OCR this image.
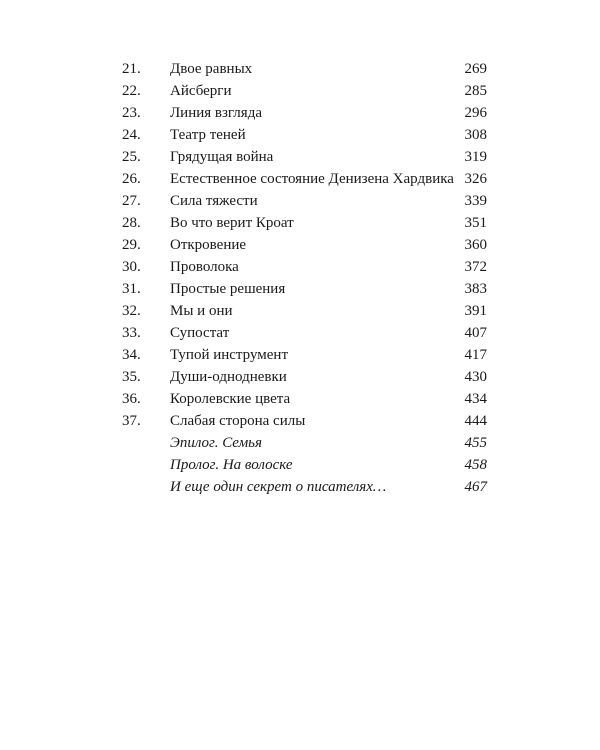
21. Двое равных	269
22. Айсберги	285
23. Линия взгляда	296
24. Театр теней	308
25. Грядущая война	319
26. Естественное состояние Денизена Хардвика 326
27. Сила тяжести	339
28. Во что верит Кроат	351
29. Откровение	360
30. Проволока	372
31. Простые решения	383
32. Мы и они	391
33. Супостат	407
34. Тупой инструмент	417
35. Души-однодневки	430
36. Королевские цвета	434
37. Слабая сторона силы	444
Эпилог. Семья	455
Пролог. На волоске	458
И еще один секрет о писателях…	467
